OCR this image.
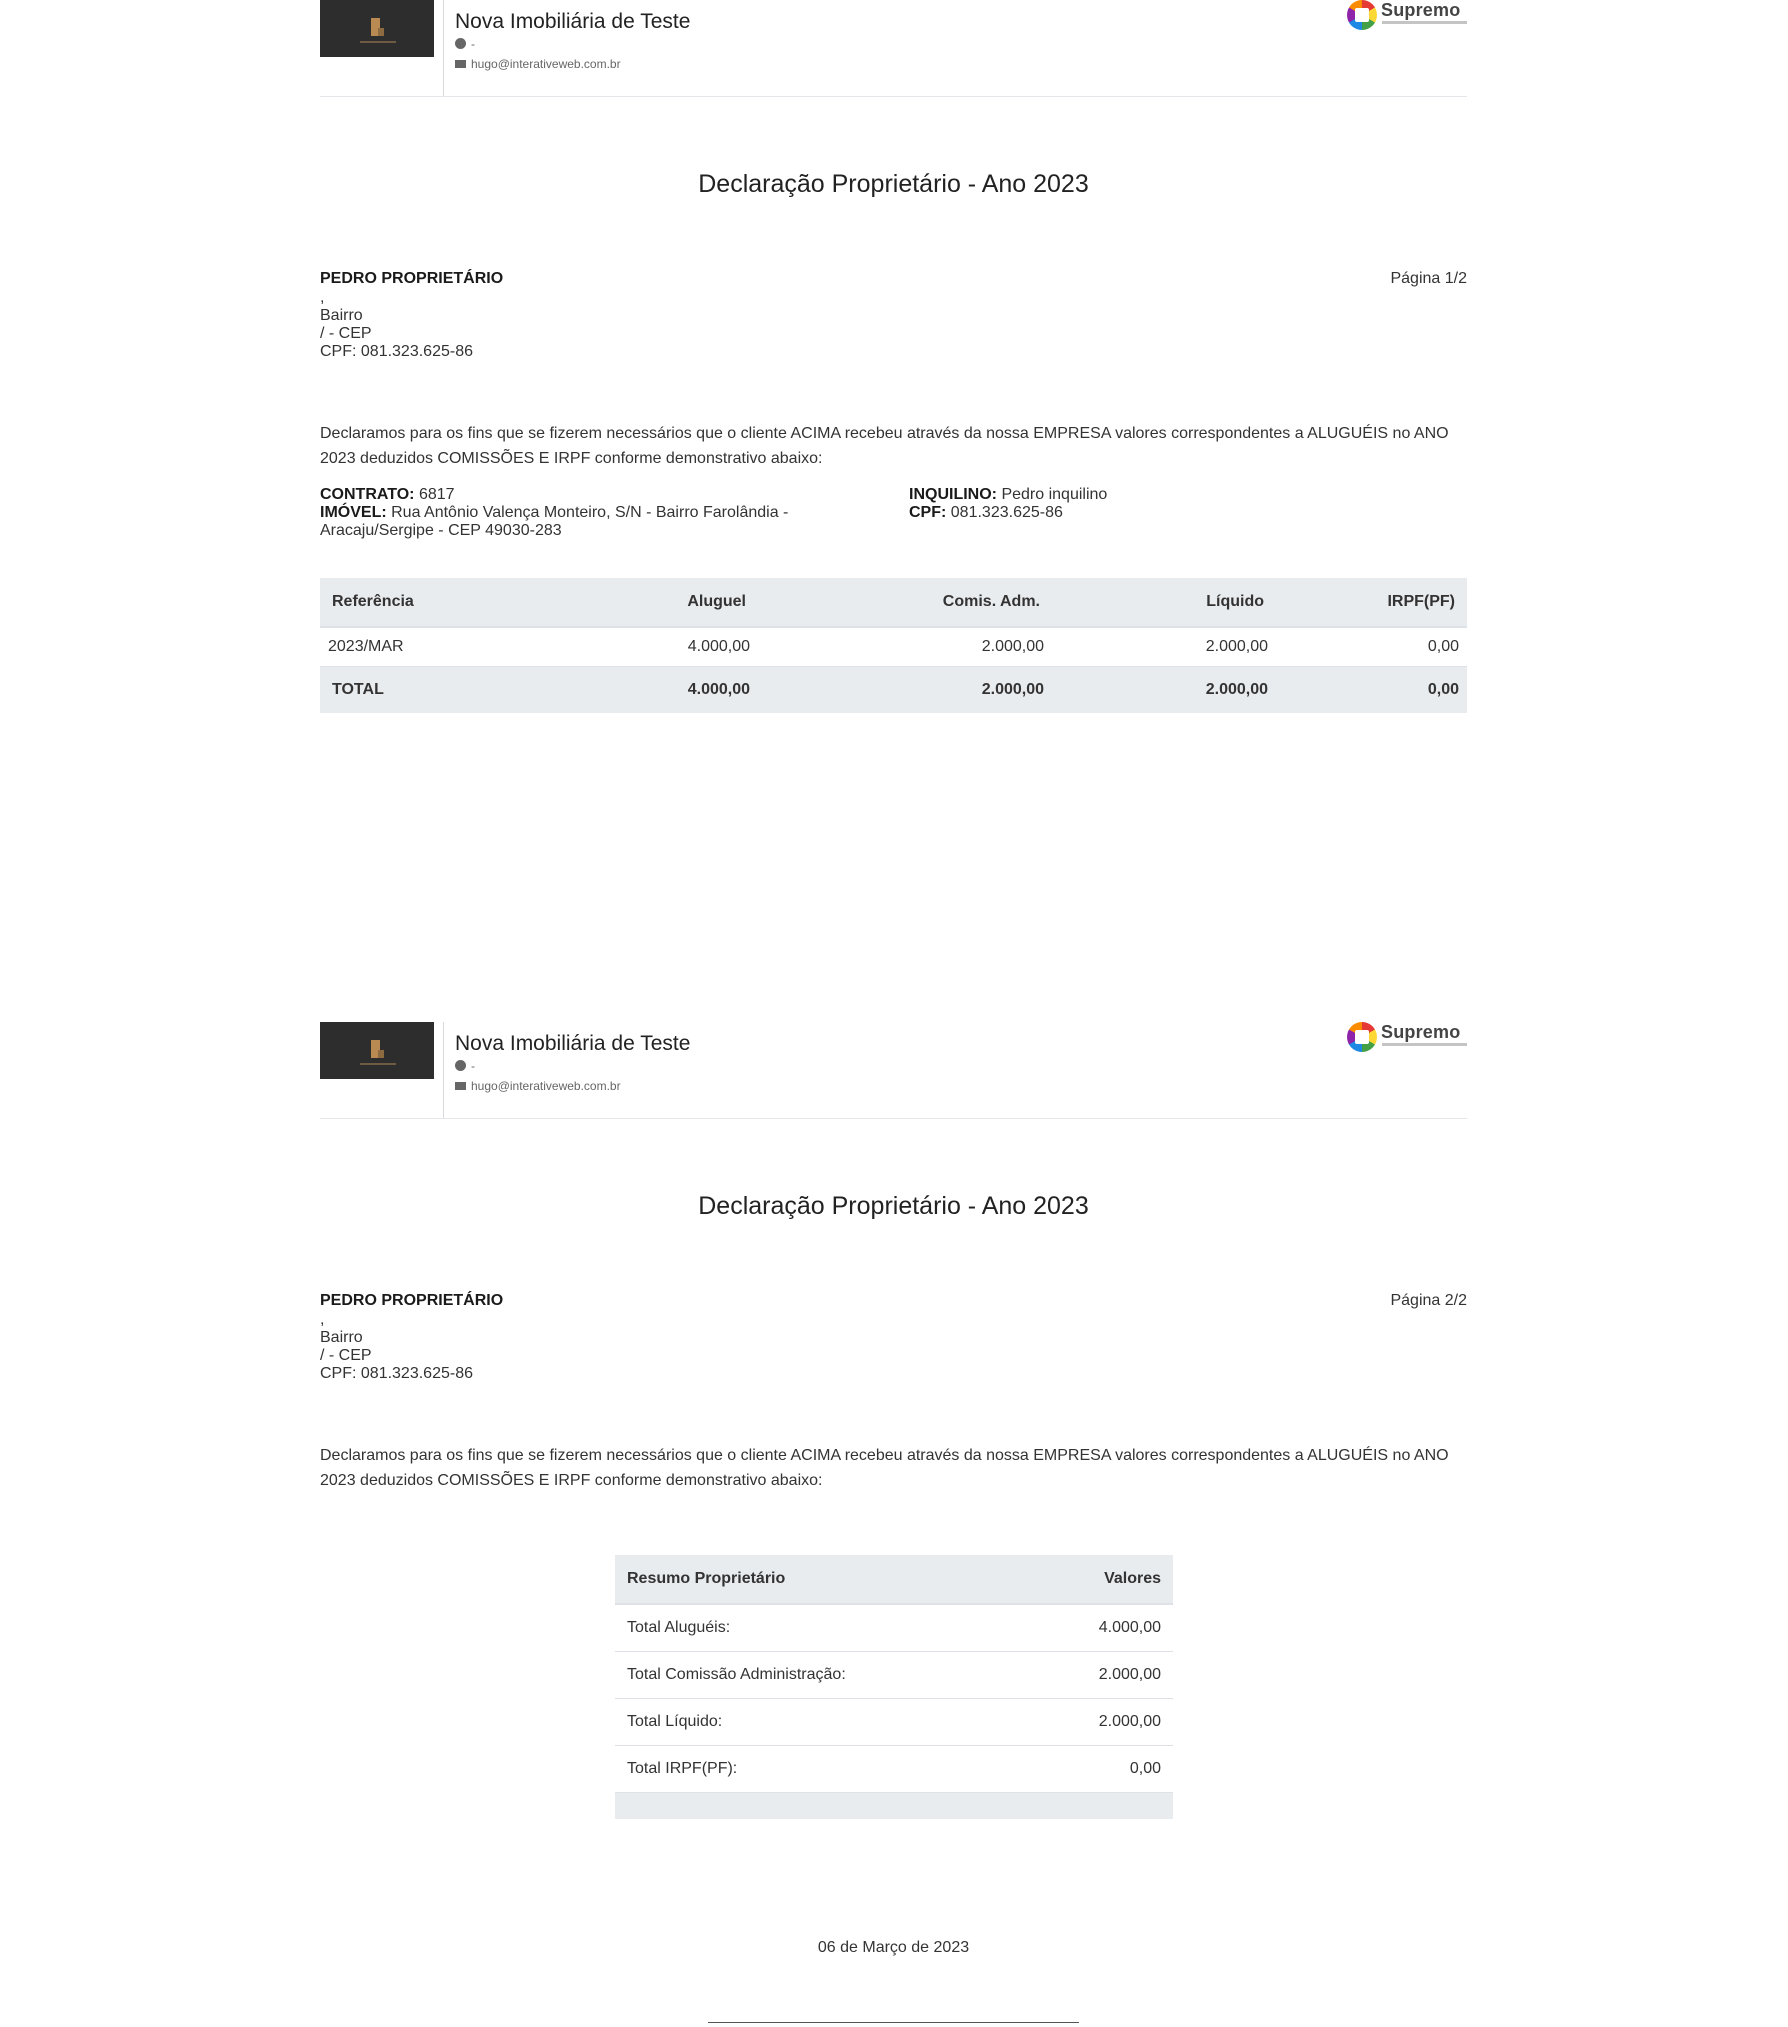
Nova Imobiliária de Teste
-
hugo@interativeweb.com.br
Supremo
Declaração Proprietário - Ano 2023
PEDRO PROPRIETÁRIO	Página 1/2
,
Bairro
/ - CEP
CPF: 081.323.625-86
Declaramos para os fins que se fizerem necessários que o cliente ACIMA recebeu através da nossa EMPRESA valores correspondentes a ALUGUÉIS no ANO 2023 deduzidos COMISSÕES E IRPF conforme demonstrativo abaixo:
CONTRATO: 6817
IMÓVEL: Rua Antônio Valença Monteiro, S/N - Bairro Farolândia - Aracaju/Sergipe - CEP 49030-283
INQUILINO: Pedro inquilino
CPF: 081.323.625-86
Referência	Aluguel	Comis. Adm.	Líquido	IRPF(PF)
2023/MAR	4.000,00	2.000,00	2.000,00	0,00
TOTAL	4.000,00	2.000,00	2.000,00	0,00
Nova Imobiliária de Teste
-
hugo@interativeweb.com.br
Supremo
Declaração Proprietário - Ano 2023
PEDRO PROPRIETÁRIO	Página 2/2
,
Bairro
/ - CEP
CPF: 081.323.625-86
Declaramos para os fins que se fizerem necessários que o cliente ACIMA recebeu através da nossa EMPRESA valores correspondentes a ALUGUÉIS no ANO 2023 deduzidos COMISSÕES E IRPF conforme demonstrativo abaixo:
Resumo Proprietário	Valores
Total Aluguéis:	4.000,00
Total Comissão Administração:	2.000,00
Total Líquido:	2.000,00
Total IRPF(PF):	0,00

06 de Março de 2023
